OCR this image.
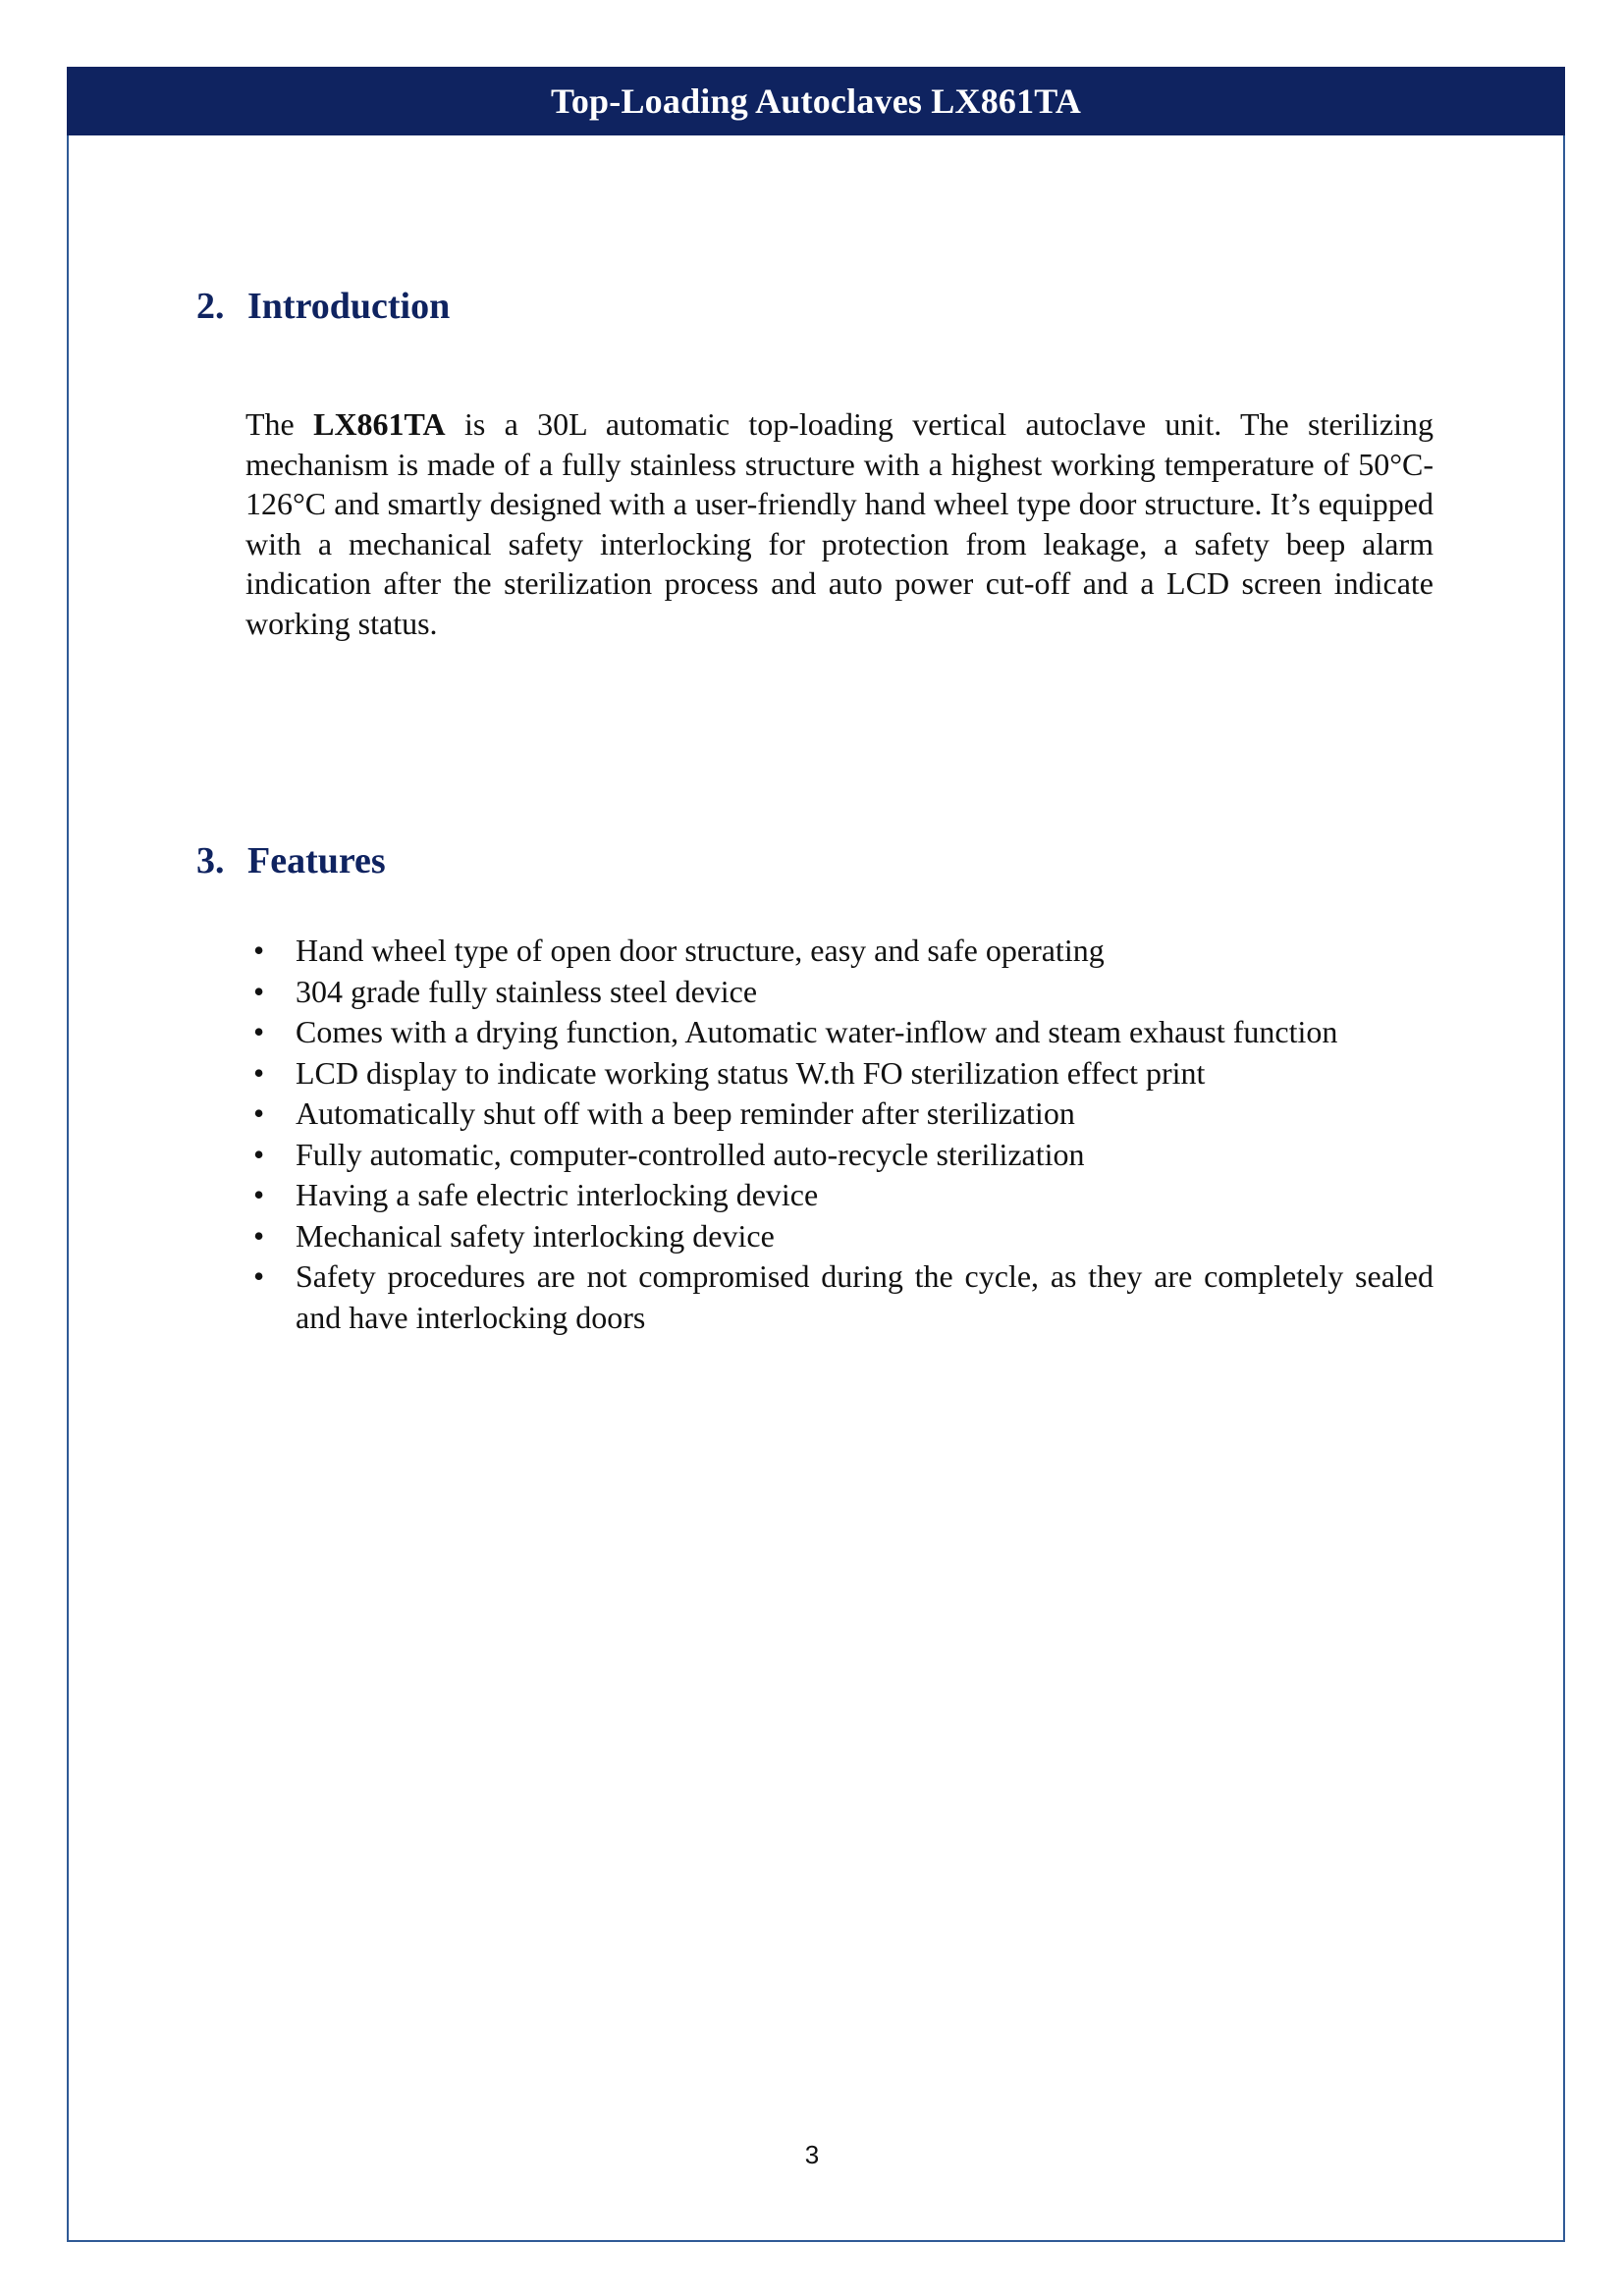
Top-Loading Autoclaves LX861TA
2. Introduction

The LX861TA is a 30L automatic top-loading vertical autoclave unit. The sterilizing mechanism is made of a fully stainless structure with a highest working temperature of 50°C-126°C and smartly designed with a user-friendly hand wheel type door structure. It’s equipped with a mechanical safety interlocking for protection from leakage, a safety beep alarm indication after the sterilization process and auto power cut-off and a LCD screen indicate working status.

3. Features
• Hand wheel type of open door structure, easy and safe operating
• 304 grade fully stainless steel device
• Comes with a drying function, Automatic water-inflow and steam exhaust function
• LCD display to indicate working status W.th FO sterilization effect print
• Automatically shut off with a beep reminder after sterilization
• Fully automatic, computer-controlled auto-recycle sterilization
• Having a safe electric interlocking device
• Mechanical safety interlocking device
• Safety procedures are not compromised during the cycle, as they are completely sealed and have interlocking doors
3
